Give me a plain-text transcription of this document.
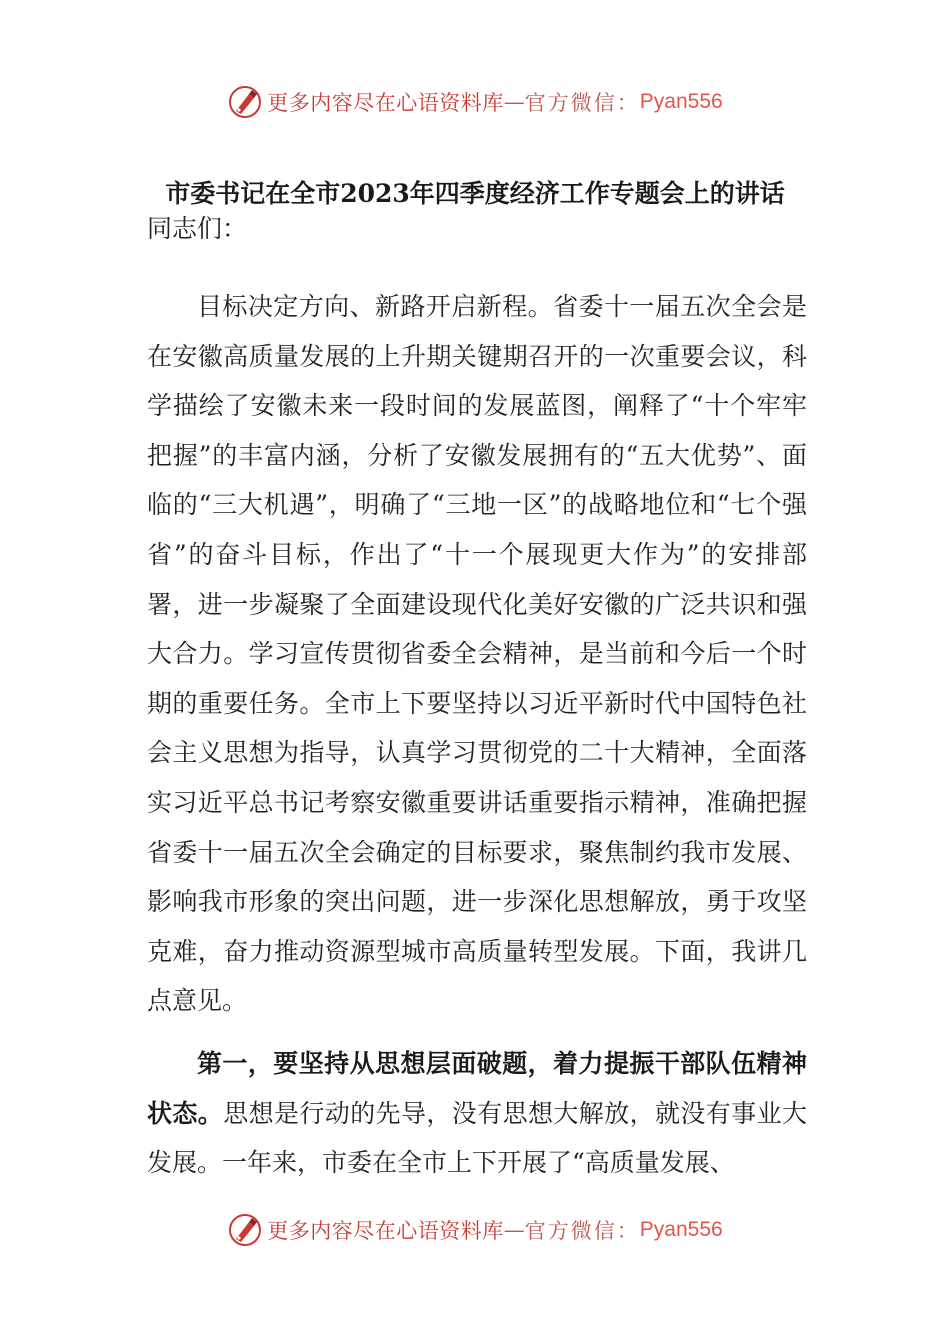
更多内容尽在心语资料库 — 官方微信： Pyan556
市委书记在全市2023年四季度经济工作专题会上的讲话

同志们：

目标决定方向、新路开启新程。省委十一届五次全会是在安徽高质量发展的上升期关键期召开的一次重要会议，科学描绘了安徽未来一段时间的发展蓝图，阐释了“十个牢牢把握”的丰富内涵，分析了安徽发展拥有的“五大优势”、面临的“三大机遇”，明确了“三地一区”的战略地位和“七个强省”的奋斗目标，作出了“十一个展现更大作为”的安排部署，进一步凝聚了全面建设现代化美好安徽的广泛共识和强大合力。学习宣传贯彻省委全会精神，是当前和今后一个时期的重要任务。全市上下要坚持以习近平新时代中国特色社会主义思想为指导，认真学习贯彻党的二十大精神，全面落实习近平总书记考察安徽重要讲话重要指示精神，准确把握省委十一届五次全会确定的目标要求，聚焦制约我市发展、影响我市形象的突出问题，进一步深化思想解放，勇于攻坚克难，奋力推动资源型城市高质量转型发展。下面，我讲几点意见。

第一，要坚持从思想层面破题，着力提振干部队伍精神状态。思想是行动的先导，没有思想大解放，就没有事业大发展。一年来，市委在全市上下开展了“高质量发展、

更多内容尽在心语资料库 — 官方微信： Pyan556
